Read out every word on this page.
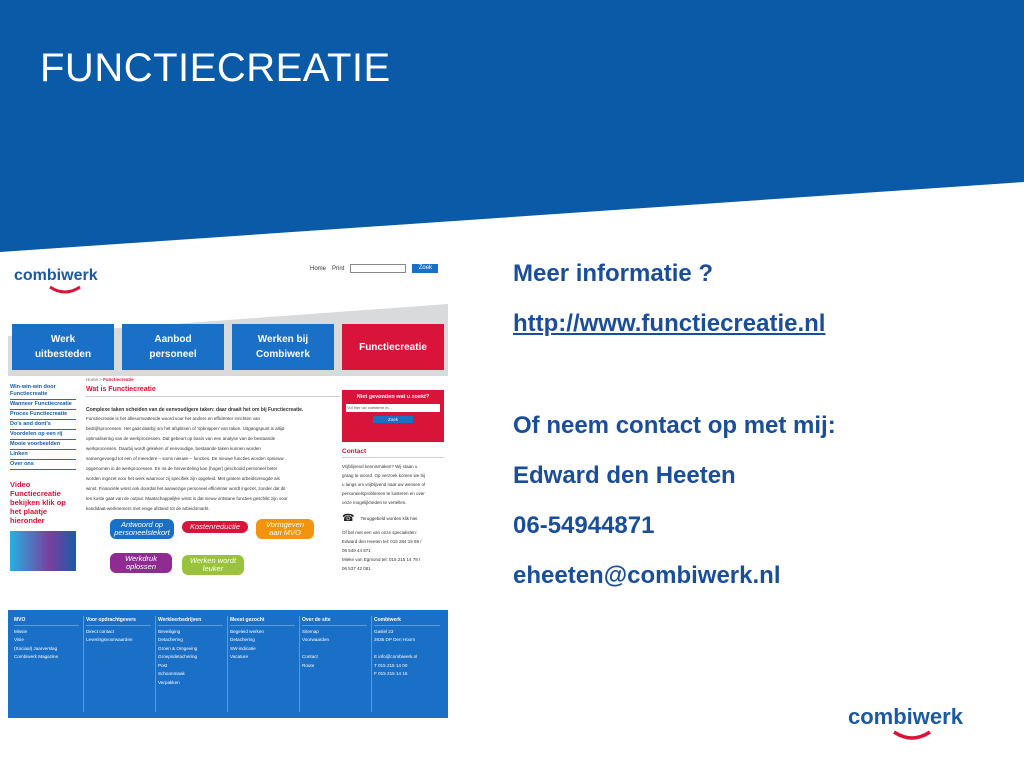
FUNCTIECREATIE
combiwerk	Home Print	Zoek
Werk
uitbesteden
Aanbod
personeel
Werken bij
Combiwerk
Functiecreatie
Win-win-win door Functiecreatie
Wanneer Functiecreatie
Proces Functiecreatie
Do's and dont's
Voordelen op een rij
Mooie voorbeelden
Linken
Over ons
Video Functiecreatie bekijken klik op het plaatje hieronder
Home > Functiecreatie
Wat is Functiecreatie
Complexe taken scheiden van de eenvoudigere taken: daar draait het om bij Functiecreatie.
Functiecreatie is het allesomvattende woord voor het anders en efficiënter inrichten van
bedrijfsprocessen. Het gaat daarbij om het afsplitsen of 'opknippen' van taken. Uitgangspunt is altijd
optimalisering van de werkprocessen. Dat gebeurt op basis van een analyse van de bestaande
werkprocessen. Daarbij wordt gekeken of eenvoudige, bestaande taken kunnen worden
samengevoegd tot een of meerdere – soms nieuwe – functies. De nieuwe functies worden opnieuw
opgenomen in de werkprocessen. En na de herverdeling kan (hoger) geschoold personeel beter
worden ingezet voor het werk waarvoor zij specifiek zijn opgeleid. Met gratere arbeidsvreugde als
winst. Financiële winst ook doordat het aanwezige personeel efficiënter wordt ingezet, zonder dat dit
ten koste gaat van de output. Maatschappelijke winst is dat nieuw ontstane functies geschikt zijn voor
kandidaat-werknemers met enige afstand tot de arbeidsmarkt.
Antwoord op personeelstekort
Kostenreductie	Vormgeven aan MVO
Werkdruk oplossen
Werken wordt leuker
Niet gevonden wat u zoekt?
Vul hier uw zoekterm in...
Zoek
Contact
Vrijblijvend kennismaken? Wij staan u
graag te woord. Op verzoek komen we bij
u langs om vrijblijvend naar uw wensen of
personeelsproblemen te luisteren en over
onze mogelijkheden te vertellen.
☎ Teruggebeld worden klik hier
Of bel met een van onze specialisten:
Edward den Heeten tel: 015 284 15 59 /
06 549 44 871
Mieke van Egmond tel: 015 215 14 78 /
06 537 42 081
MVO
Missie
Visie
(Sociaal) Jaarverslag
Combiwerk Magazine
Voor opdrachtgevers
Direct contact
Leveringsvoorwaarden
Werkleerbedrijven
Beveiliging
Detachering
Groen & Omgeving
Groepsdetachering
Post
Schoonmaak
Verpakken
Meest gezocht
Begeleid werken
Detachering
SW-indicatie
Vacature
Over de site
Sitemap
Voorwaarden

Contact
Route
Combiwerk
Gaslel 23
2635 DP Den Hoorn

E info@combiwerk.nl
T 015 215 14 00
F 015 215 14 15
Meer informatie ?
http://www.functiecreatie.nl
Of neem contact op met mij:
Edward den Heeten
06-54944871
eheeten@combiwerk.nl
combiwerk
